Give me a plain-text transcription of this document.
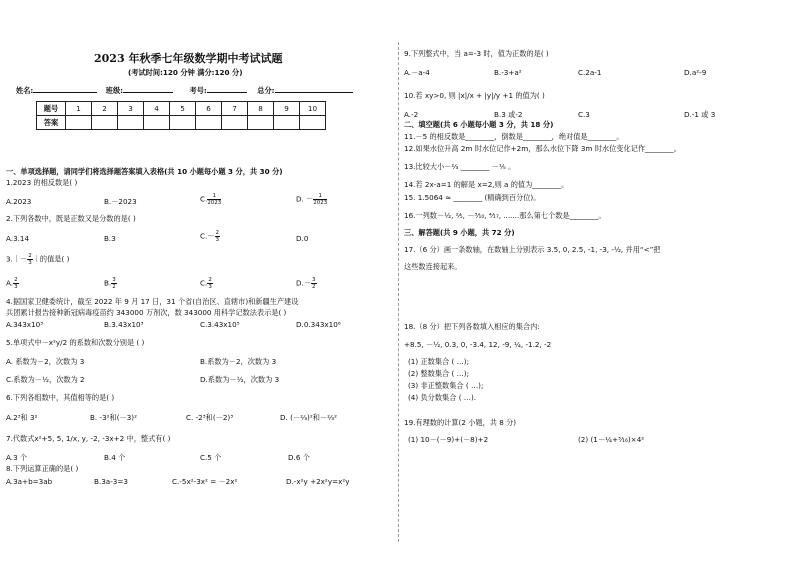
2023 年秋季七年级数学期中考试试题
(考试时间:120 分钟 满分:120 分)
姓名:	班级:	考号:	总分:
题号	1	2	3	4	5	6	7	8	9	10
答案										
一、单项选择题，请同学们将选择题答案填入表格(共 10 小题每小题 3 分，共 30 分)
1.2023 的相反数是( )
A.2023	B.－2023	C. $\frac{1}{2023}$	D. － $\frac{1}{2023}$
2.下列各数中，既是正数又是分数的是( )
A.3.14	B.3	$C.- \frac{2}{3}$	D.0
3.｜－ $\frac{2}{3}$ ｜的值是( )
A. $\frac{2}{3}$	B. $\frac{3}{2}$	C. $\frac{2}{3}$	$D.- \frac{3}{2}$
4.据国家卫健委统计，截至 2022 年 9 月 17 日，31 个省(自治区、直辖市)和新疆生产建设
兵团累计报告接种新冠病毒疫苗约 343000 万剂次，数 343000 用科学记数法表示是( )
A.343x10³	B.3.43x10³	C.3.43x10⁵	D.0.343x10⁶
5.单项式中－x²y/2 的系数和次数分别是 ( )
A. 系数为－2，次数为 3	B.系数为－2，次数为 3
C.系数为－½，次数为 2	D.系数为－½，次数为 3
6.下列各组数中，其值相等的是( )
A.2³和 3²	B. -3²和(－3)²	C. -2³和(－2)³	D. (－⅔)²和－⅔²
7.代数式x²+5, 5, 1/x, y, -2, -3x+2 中，整式有( )
A.3 个	B.4 个	C.5 个	D.6 个
8.下列运算正确的是( )
A.3a+b=3ab	B.3a-3=3	C.-5x²-3x² = －2x²	D.-x²y +2x²y=x²y
9.下列整式中，当 a=-3 时，值为正数的是( )
A.－a-4	B.-3+a²	C.2a-1	D.a²-9
10.若 xy>0, 则 |x|/x + |y|/y +1 的值为( )
A.-2	B.3 或-2	C.3	D.-1 或 3
二、填空题(共 6 小题每小题 3 分，共 18 分)
11.－5 的相反数是________，倒数是________，绝对值是________。
12.如果水位升高 2m 时水位记作+2m，那么水位下降 3m 时水位变化记作________。
13.比较大小－⅔ ________ －⅕ 。
14.若 2x-a=1 的解是 x=2,则 a 的值为________。
15. 1.5064 ≈ ________ (精确到百分位)。
16.一列数－½, ²⁄₅, －³⁄₁₀, ⁴⁄₁₇, .......那么第七个数是________。
三、解答题(共 9 小题，共 72 分)
17.（6 分）画一条数轴，在数轴上分别表示 3.5, 0, 2.5, -1, -3, -½, 并用“<”把
这些数连接起来。
18.（8 分）把下列各数填入相应的集合内:
+8.5, －½, 0.3, 0, -3.4, 12, -9, ¼, -1.2, -2
(1) 正数集合 ( …);
(2) 整数集合 ( …);
(3) 非正整数集合 ( …);
(4) 负分数集合 ( …).
19.有理数的计算(2 小题，共 8 分)
(1) 10－(－9)+(－8)+2	(2) (1－¼+³⁄₁₆)×4²
